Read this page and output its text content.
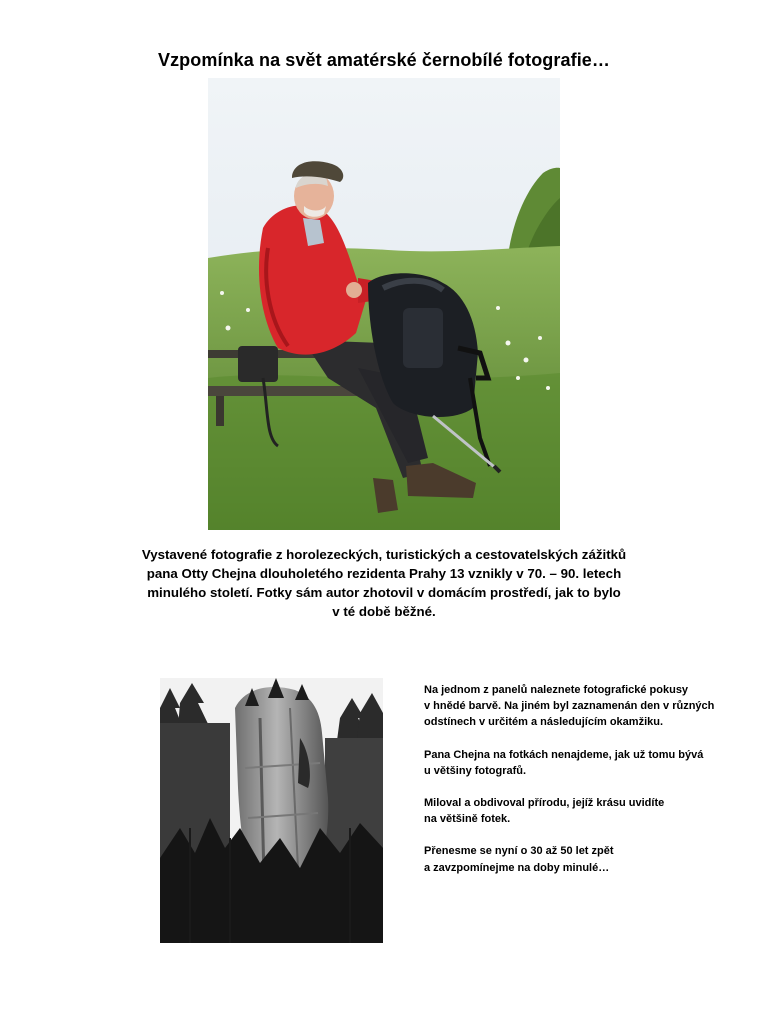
Vzpomínka na svět amatérské černobílé fotografie…
Vystavené fotografie z horolezeckých, turistických a cestovatelských zážitků
pana Otty Chejna dlouholetého rezidenta Prahy 13 vznikly v 70. – 90. letech
minulého století. Fotky sám autor zhotovil v domácím prostředí, jak to bylo
v té době běžné.

Na jednom z panelů naleznete fotografické pokusy
v hnědé barvě. Na jiném byl zaznamenán den v různých
odstínech v určitém a následujícím okamžiku.

Pana Chejna na fotkách nenajdeme, jak už tomu bývá
u většiny fotografů.

Miloval a obdivoval přírodu, jejíž krásu uvidíte
na většině fotek.

Přenesme se nyní o 30 až 50 let zpět
a zavzpomínejme na doby minulé…
